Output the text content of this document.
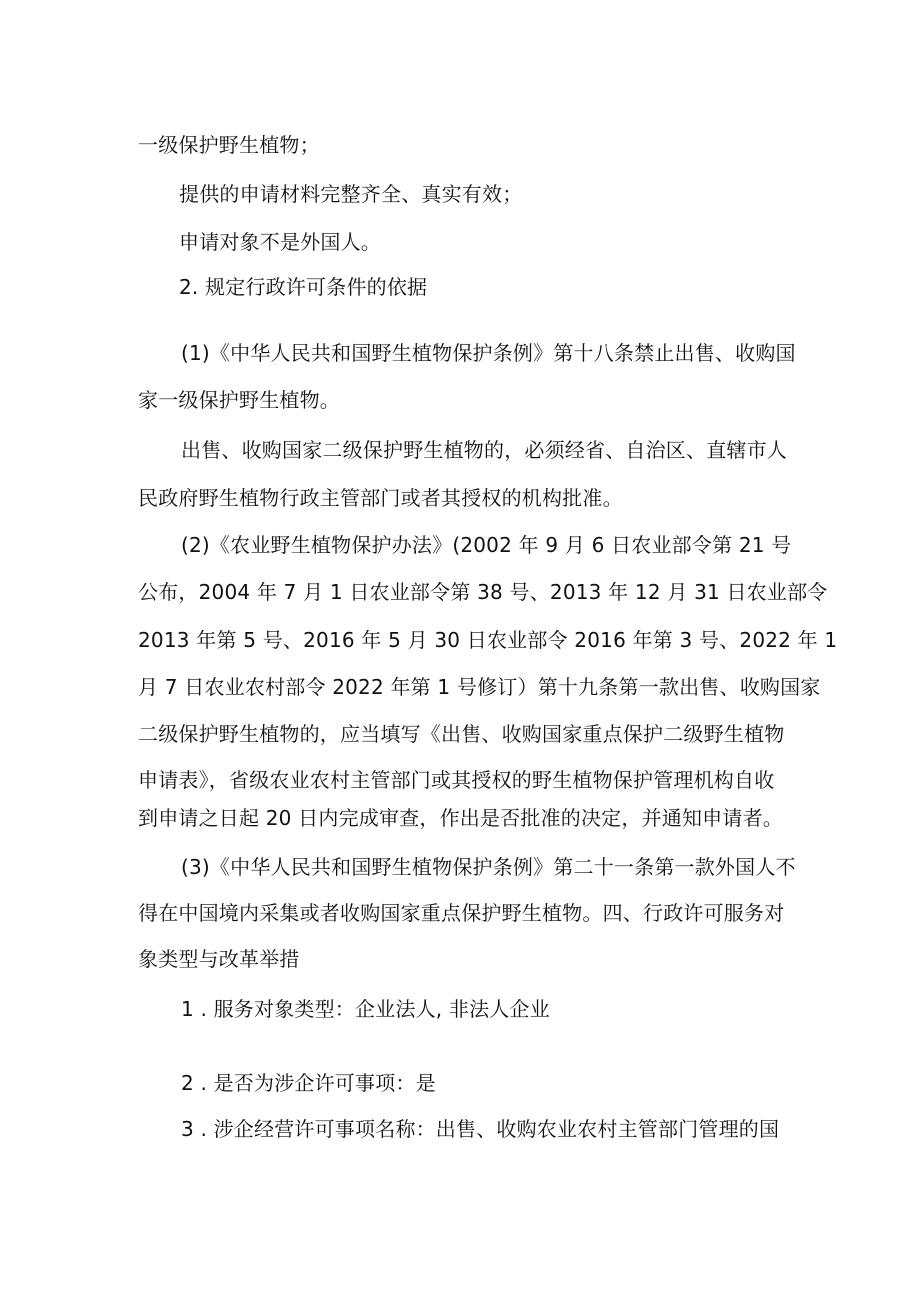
一级保护野生植物；
提供的申请材料完整齐全、真实有效；
申请对象不是外国人。
2. 规定行政许可条件的依据
(1)《中华人民共和国野生植物保护条例》第十八条禁止出售、收购国
家一级保护野生植物。
出售、收购国家二级保护野生植物的，必须经省、自治区、直辖市人
民政府野生植物行政主管部门或者其授权的机构批准。
(2)《农业野生植物保护办法》(2002 年 9 月 6 日农业部令第 21 号
公布，2004 年 7 月 1 日农业部令第 38 号、2013 年 12 月 31 日农业部令
2013 年第 5 号、2016 年 5 月 30 日农业部令 2016 年第 3 号、2022 年 1
月 7 日农业农村部令 2022 年第 1 号修订）第十九条第一款出售、收购国家
二级保护野生植物的，应当填写《出售、收购国家重点保护二级野生植物
申请表》，省级农业农村主管部门或其授权的野生植物保护管理机构自收
到申请之日起 20 日内完成审查，作出是否批准的决定，并通知申请者。
(3)《中华人民共和国野生植物保护条例》第二十一条第一款外国人不
得在中国境内采集或者收购国家重点保护野生植物。四、行政许可服务对
象类型与改革举措
1 . 服务对象类型：企业法人, 非法人企业
2 . 是否为涉企许可事项：是
3 . 涉企经营许可事项名称：出售、收购农业农村主管部门管理的国
